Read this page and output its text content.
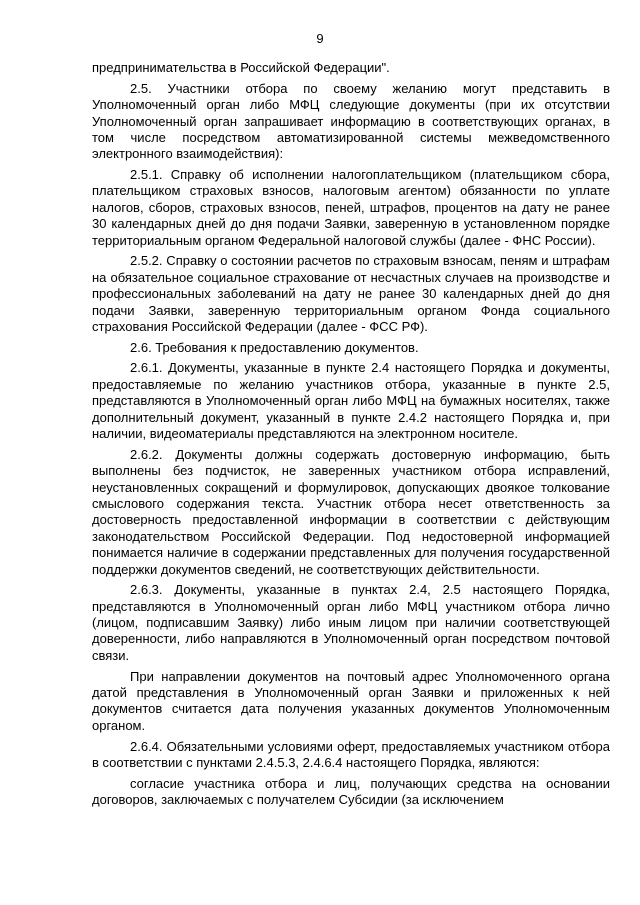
9

предпринимательства в Российской Федерации".

2.5. Участники отбора по своему желанию могут представить в Уполномоченный орган либо МФЦ следующие документы (при их отсутствии Уполномоченный орган запрашивает информацию в соответствующих органах, в том числе посредством автоматизированной системы межведомственного электронного взаимодействия):

2.5.1. Справку об исполнении налогоплательщиком (плательщиком сбора, плательщиком страховых взносов, налоговым агентом) обязанности по уплате налогов, сборов, страховых взносов, пеней, штрафов, процентов на дату не ранее 30 календарных дней до дня подачи Заявки, заверенную в установленном порядке территориальным органом Федеральной налоговой службы (далее - ФНС России).

2.5.2. Справку о состоянии расчетов по страховым взносам, пеням и штрафам на обязательное социальное страхование от несчастных случаев на производстве и профессиональных заболеваний на дату не ранее 30 календарных дней до дня подачи Заявки, заверенную территориальным органом Фонда социального страхования Российской Федерации (далее - ФСС РФ).

2.6. Требования к предоставлению документов.

2.6.1. Документы, указанные в пункте 2.4 настоящего Порядка и документы, предоставляемые по желанию участников отбора, указанные в пункте 2.5, представляются в Уполномоченный орган либо МФЦ на бумажных носителях, также дополнительный документ, указанный в пункте 2.4.2 настоящего Порядка и, при наличии, видеоматериалы представляются на электронном носителе.

2.6.2. Документы должны содержать достоверную информацию, быть выполнены без подчисток, не заверенных участником отбора исправлений, неустановленных сокращений и формулировок, допускающих двоякое толкование смыслового содержания текста. Участник отбора несет ответственность за достоверность предоставленной информации в соответствии с действующим законодательством Российской Федерации. Под недостоверной информацией понимается наличие в содержании представленных для получения государственной поддержки документов сведений, не соответствующих действительности.

2.6.3. Документы, указанные в пунктах 2.4, 2.5 настоящего Порядка, представляются в Уполномоченный орган либо МФЦ участником отбора лично (лицом, подписавшим Заявку) либо иным лицом при наличии соответствующей доверенности, либо направляются в Уполномоченный орган посредством почтовой связи.

При направлении документов на почтовый адрес Уполномоченного органа датой представления в Уполномоченный орган Заявки и приложенных к ней документов считается дата получения указанных документов Уполномоченным органом.

2.6.4. Обязательными условиями оферт, предоставляемых участником отбора в соответствии с пунктами 2.4.5.3, 2.4.6.4 настоящего Порядка, являются:

согласие участника отбора и лиц, получающих средства на основании договоров, заключаемых с получателем Субсидии (за исключением
